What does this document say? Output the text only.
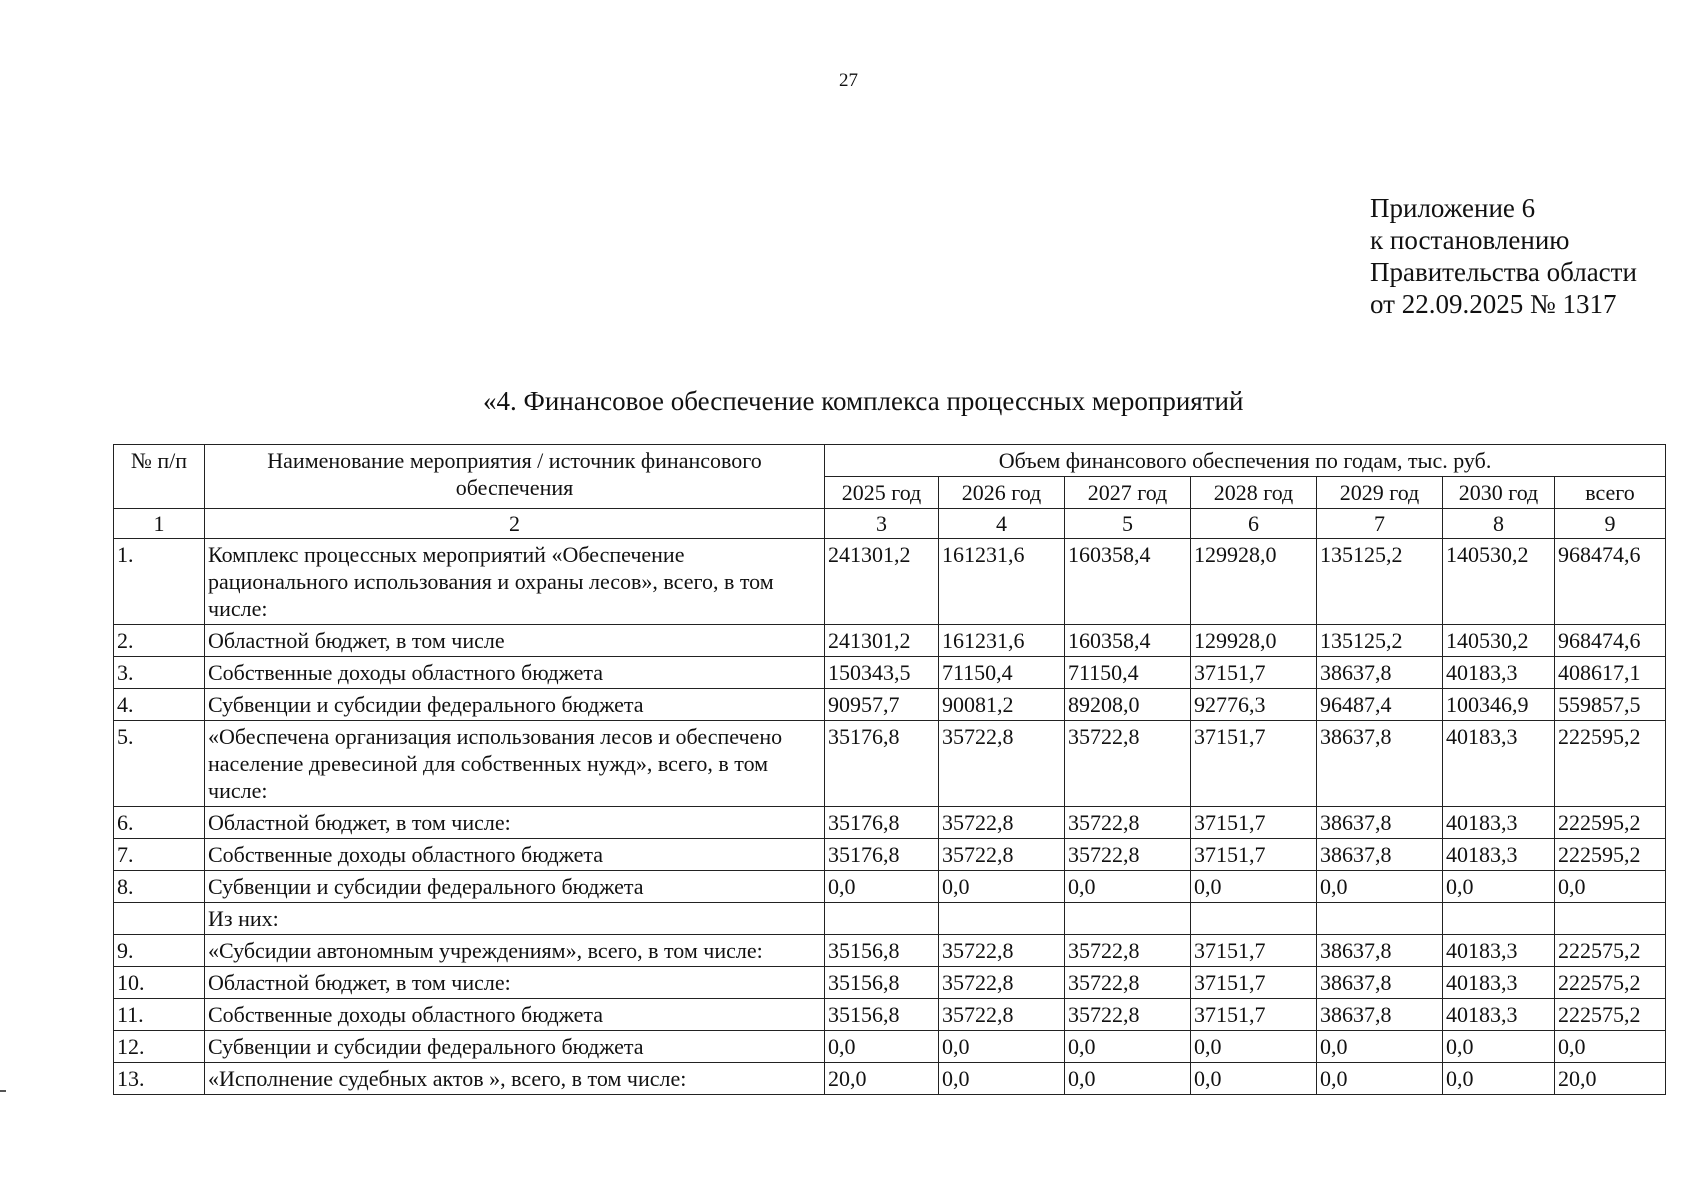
27
Приложение 6
к постановлению
Правительства области
от 22.09.2025 № 1317
«4. Финансовое обеспечение комплекса процессных мероприятий
№ п/п	Наименование мероприятия / источник финансового обеспечения	Объем финансового обеспечения по годам, тыс. руб.						
		2025 год	2026 год	2027 год	2028 год	2029 год	2030 год	всего
1	2	3	4	5	6	7	8	9
1.	Комплекс процессных мероприятий «Обеспечение рационального использования и охраны лесов», всего, в том числе:	241301,2	161231,6	160358,4	129928,0	135125,2	140530,2	968474,6
2.	Областной бюджет, в том числе	241301,2	161231,6	160358,4	129928,0	135125,2	140530,2	968474,6
3.	Собственные доходы областного бюджета	150343,5	71150,4	71150,4	37151,7	38637,8	40183,3	408617,1
4.	Субвенции и субсидии федерального бюджета	90957,7	90081,2	89208,0	92776,3	96487,4	100346,9	559857,5
5.	«Обеспечена организация использования лесов и обеспечено население древесиной для собственных нужд», всего, в том числе:	35176,8	35722,8	35722,8	37151,7	38637,8	40183,3	222595,2
6.	Областной бюджет, в том числе:	35176,8	35722,8	35722,8	37151,7	38637,8	40183,3	222595,2
7.	Собственные доходы областного бюджета	35176,8	35722,8	35722,8	37151,7	38637,8	40183,3	222595,2
8.	Субвенции и субсидии федерального бюджета	0,0	0,0	0,0	0,0	0,0	0,0	0,0
	Из них:							
9.	«Субсидии автономным учреждениям», всего, в том числе:	35156,8	35722,8	35722,8	37151,7	38637,8	40183,3	222575,2
10.	Областной бюджет, в том числе:	35156,8	35722,8	35722,8	37151,7	38637,8	40183,3	222575,2
11.	Собственные доходы областного бюджета	35156,8	35722,8	35722,8	37151,7	38637,8	40183,3	222575,2
12.	Субвенции и субсидии федерального бюджета	0,0	0,0	0,0	0,0	0,0	0,0	0,0
13.	«Исполнение судебных актов », всего, в том числе:	20,0	0,0	0,0	0,0	0,0	0,0	20,0
